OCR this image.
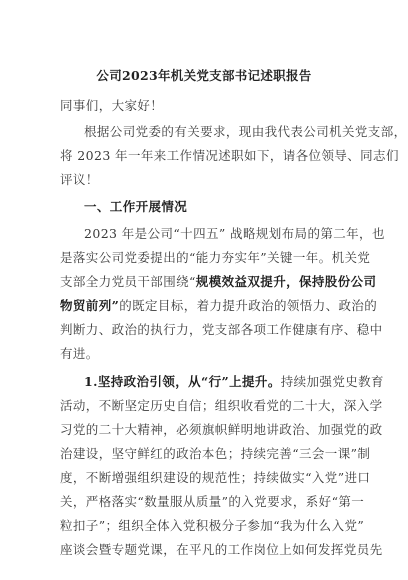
公司2023年机关党支部书记述职报告
同事们，大家好！
根据公司党委的有关要求，现由我代表公司机关党支部，
将 2023 年一年来工作情况述职如下，请各位领导、同志们
评议！
一、工作开展情况
2023 年是公司“十四五” 战略规划布局的第二年，也
是落实公司党委提出的“能力夯实年”关键一年。机关党
支部全力党员干部围绕“规模效益双提升，保持股份公司
物贸前列”的既定目标，着力提升政治的领悟力、政治的
判断力、政治的执行力，党支部各项工作健康有序、稳中
有进。
1.坚持政治引领，从“行”上提升。持续加强党史教育
活动，不断坚定历史自信；组织收看党的二十大，深入学
习党的二十大精神，必须旗帜鲜明地讲政治、加强党的政
治建设，坚守鲜红的政治本色；持续完善“三会一课”制
度，不断增强组织建设的规范性；持续做实“入党”进口
关，严格落实“数量服从质量”的入党要求，系好“第一
粒扣子”；组织全体入党积极分子参加“我为什么入党”
座谈会暨专题党课，在平凡的工作岗位上如何发挥党员先
